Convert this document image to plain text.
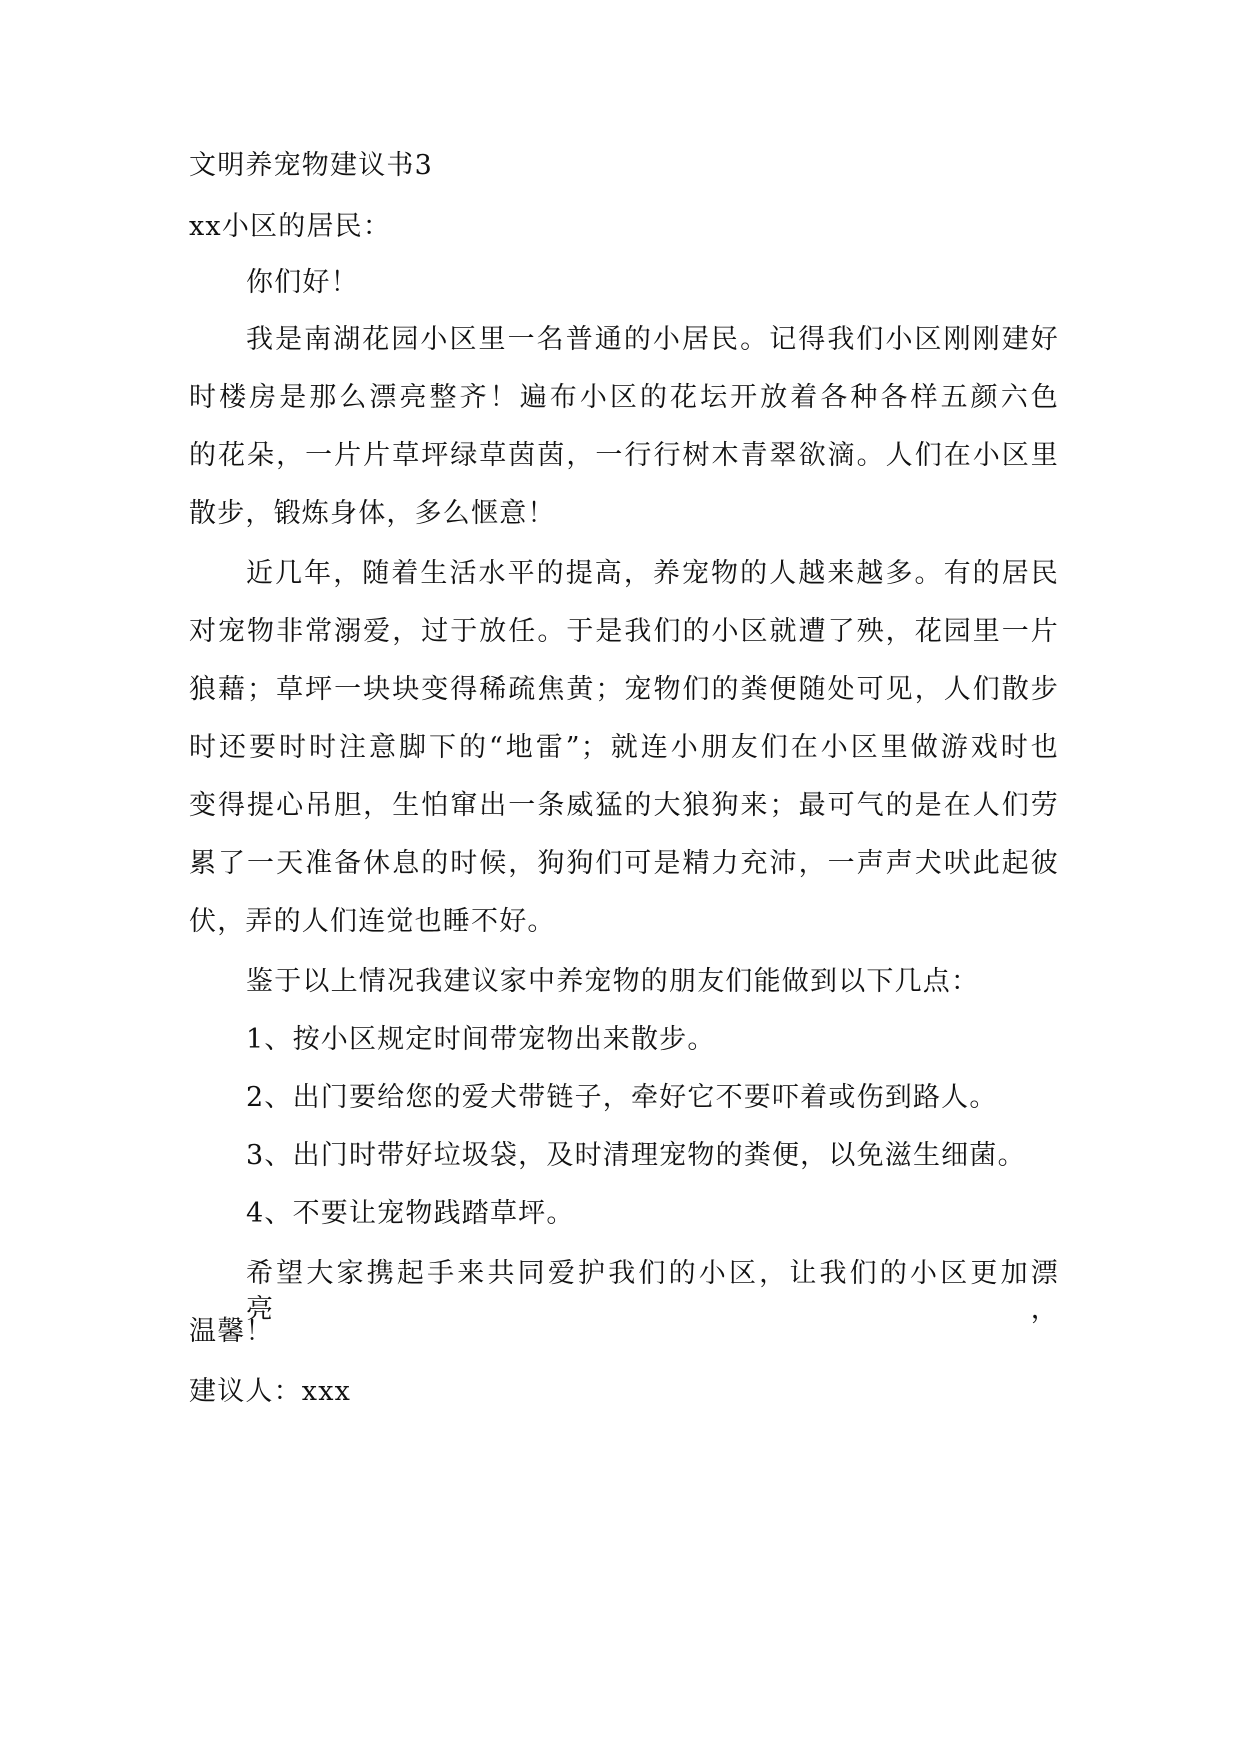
文明养宠物建议书3
xx小区的居民：
你们好！
我是南湖花园小区里一名普通的小居民。记得我们小区刚刚建好
时楼房是那么漂亮整齐！遍布小区的花坛开放着各种各样五颜六色
的花朵，一片片草坪绿草茵茵，一行行树木青翠欲滴。人们在小区里
散步，锻炼身体，多么惬意！
近几年，随着生活水平的提高，养宠物的人越来越多。有的居民
对宠物非常溺爱，过于放任。于是我们的小区就遭了殃，花园里一片
狼藉；草坪一块块变得稀疏焦黄；宠物们的粪便随处可见，人们散步
时还要时时注意脚下的“地雷”；就连小朋友们在小区里做游戏时也
变得提心吊胆，生怕窜出一条威猛的大狼狗来；最可气的是在人们劳
累了一天准备休息的时候，狗狗们可是精力充沛，一声声犬吠此起彼
伏，弄的人们连觉也睡不好。
鉴于以上情况我建议家中养宠物的朋友们能做到以下几点：
1、按小区规定时间带宠物出来散步。
2、出门要给您的爱犬带链子，牵好它不要吓着或伤到路人。
3、出门时带好垃圾袋，及时清理宠物的粪便，以免滋生细菌。
4、不要让宠物践踏草坪。
希望大家携起手来共同爱护我们的小区，让我们的小区更加漂亮，
温馨！
建议人：xxx
